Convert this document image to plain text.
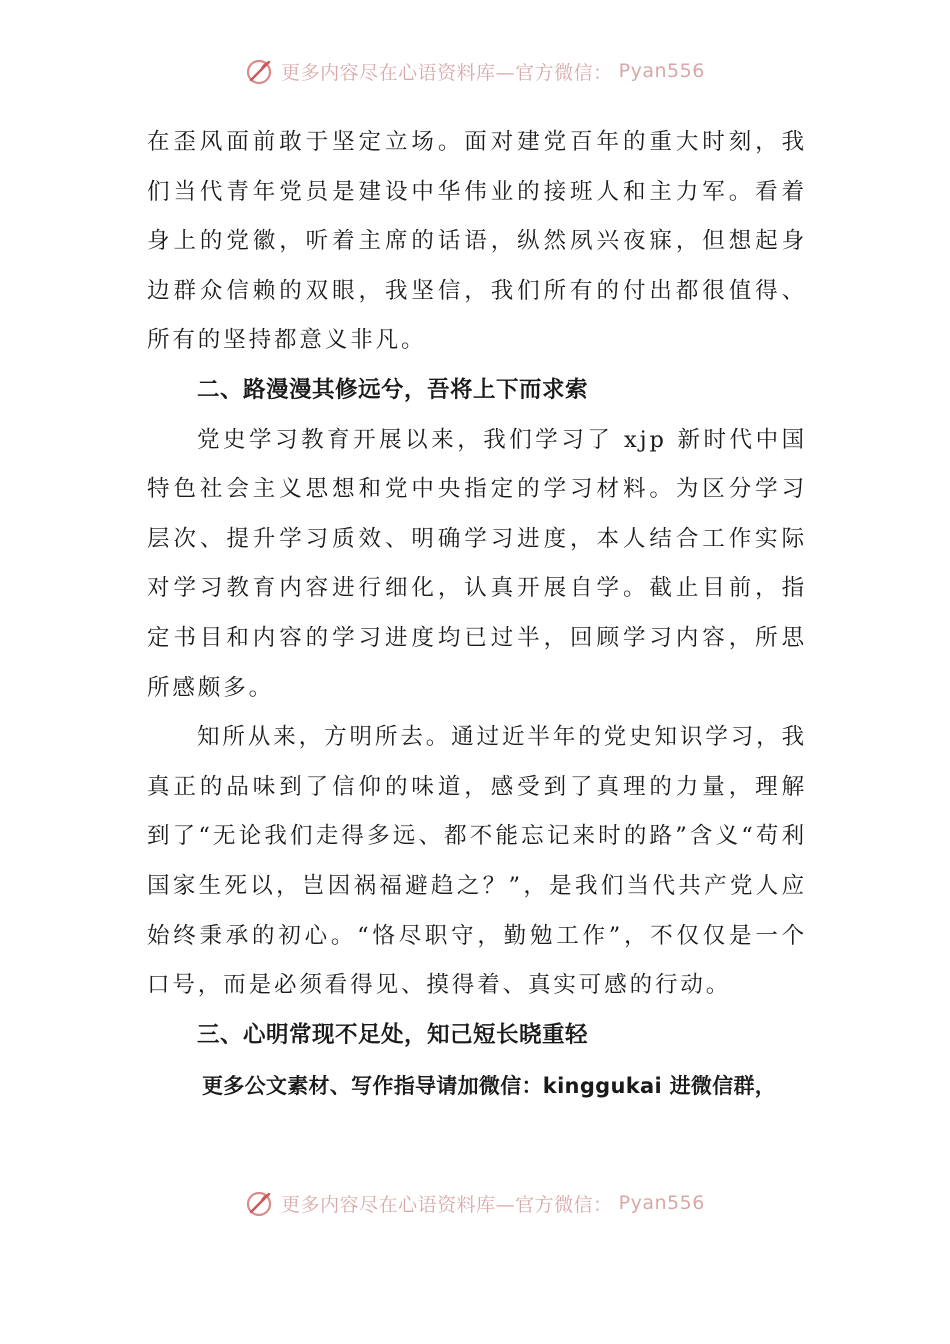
更多内容尽在心语资料库—官方微信： Pyan556

在歪风面前敢于坚定立场。面对建党百年的重大时刻，我们当代青年党员是建设中华伟业的接班人和主力军。看着身上的党徽，听着主席的话语，纵然夙兴夜寐，但想起身边群众信赖的双眼，我坚信，我们所有的付出都很值得、所有的坚持都意义非凡。

二、路漫漫其修远兮，吾将上下而求索

党史学习教育开展以来，我们学习了 xjp 新时代中国特色社会主义思想和党中央指定的学习材料。为区分学习层次、提升学习质效、明确学习进度，本人结合工作实际对学习教育内容进行细化，认真开展自学。截止目前，指定书目和内容的学习进度均已过半，回顾学习内容，所思所感颇多。

知所从来，方明所去。通过近半年的党史知识学习，我真正的品味到了信仰的味道，感受到了真理的力量，理解到了“无论我们走得多远、都不能忘记来时的路”含义“苟利国家生死以，岂因祸福避趋之？”，是我们当代共产党人应始终秉承的初心。“恪尽职守，勤勉工作”，不仅仅是一个口号，而是必须看得见、摸得着、真实可感的行动。

三、心明常现不足处，知己短长晓重轻

更多公文素材、写作指导请加微信：kinggukai 进微信群，

更多内容尽在心语资料库—官方微信： Pyan556
